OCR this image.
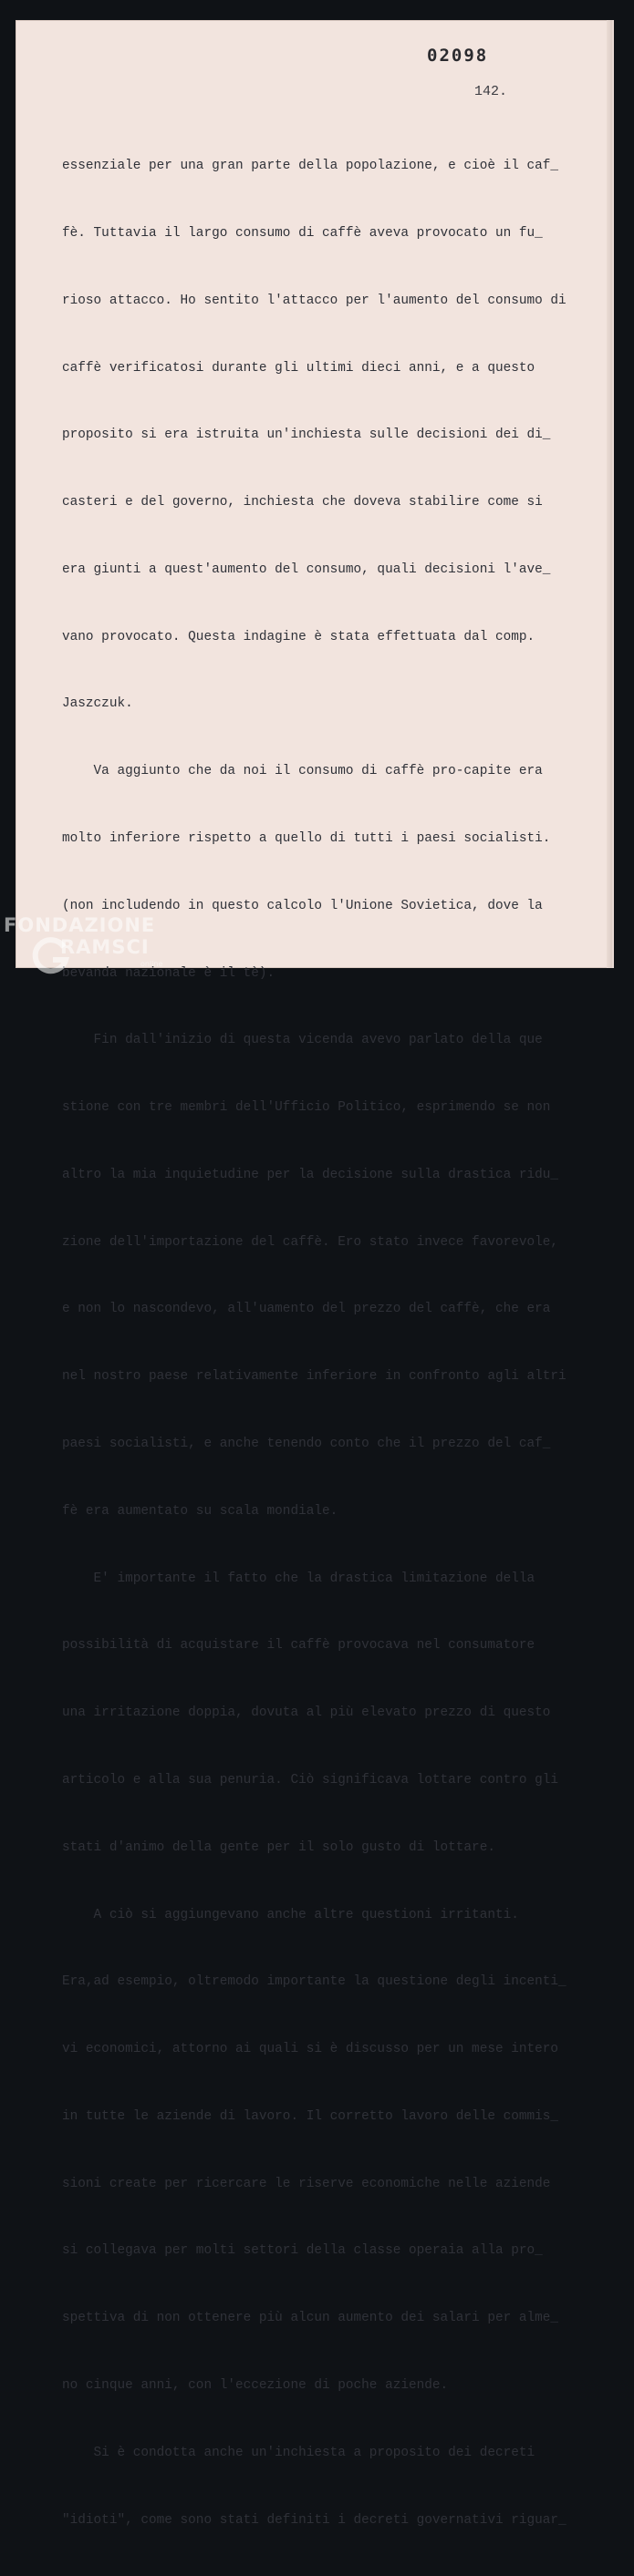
02098
142.

essenziale per una gran parte della popolazione, e cioè il caf_

fè. Tuttavia il largo consumo di caffè aveva provocato un fu_

rioso attacco. Ho sentito l'attacco per l'aumento del consumo di

caffè verificatosi durante gli ultimi dieci anni, e a questo

proposito si era istruita un'inchiesta sulle decisioni dei di_

casteri e del governo, inchiesta che doveva stabilire come si

era giunti a quest'aumento del consumo, quali decisioni l'ave_

vano provocato. Questa indagine è stata effettuata dal comp.

Jaszczuk.

Va aggiunto che da noi il consumo di caffè pro-capite era

molto inferiore rispetto a quello di tutti i paesi socialisti.

(non includendo in questo calcolo l'Unione Sovietica, dove la

bevanda nazionale è il tè).

Fin dall'inizio di questa vicenda avevo parlato della que

stione con tre membri dell'Ufficio Politico, esprimendo se non

altro la mia inquietudine per la decisione sulla drastica ridu_

zione dell'importazione del caffè. Ero stato invece favorevole,

e non lo nascondevo, all'uamento del prezzo del caffè, che era

nel nostro paese relativamente inferiore in confronto agli altri

paesi socialisti, e anche tenendo conto che il prezzo del caf_

fè era aumentato su scala mondiale.

E' importante il fatto che la drastica limitazione della

possibilità di acquistare il caffè provocava nel consumatore

una irritazione doppia, dovuta al più elevato prezzo di questo

articolo e alla sua penuria. Ciò significava lottare contro gli

stati d'animo della gente per il solo gusto di lottare.

A ciò si aggiungevano anche altre questioni irritanti.

Era,ad esempio, oltremodo importante la questione degli incenti_

vi economici, attorno ai quali si è discusso per un mese intero

in tutte le aziende di lavoro. Il corretto lavoro delle commis_

sioni create per ricercare le riserve economiche nelle aziende

si collegava per molti settori della classe operaia alla pro_

spettiva di non ottenere più alcun aumento dei salari per alme_

no cinque anni, con l'eccezione di poche aziende.

Si è condotta anche un'inchiesta a proposito dei decreti

"idioti", come sono stati definiti i decreti governativi riguar_

FONDAZIONE
RAMSCI
online
